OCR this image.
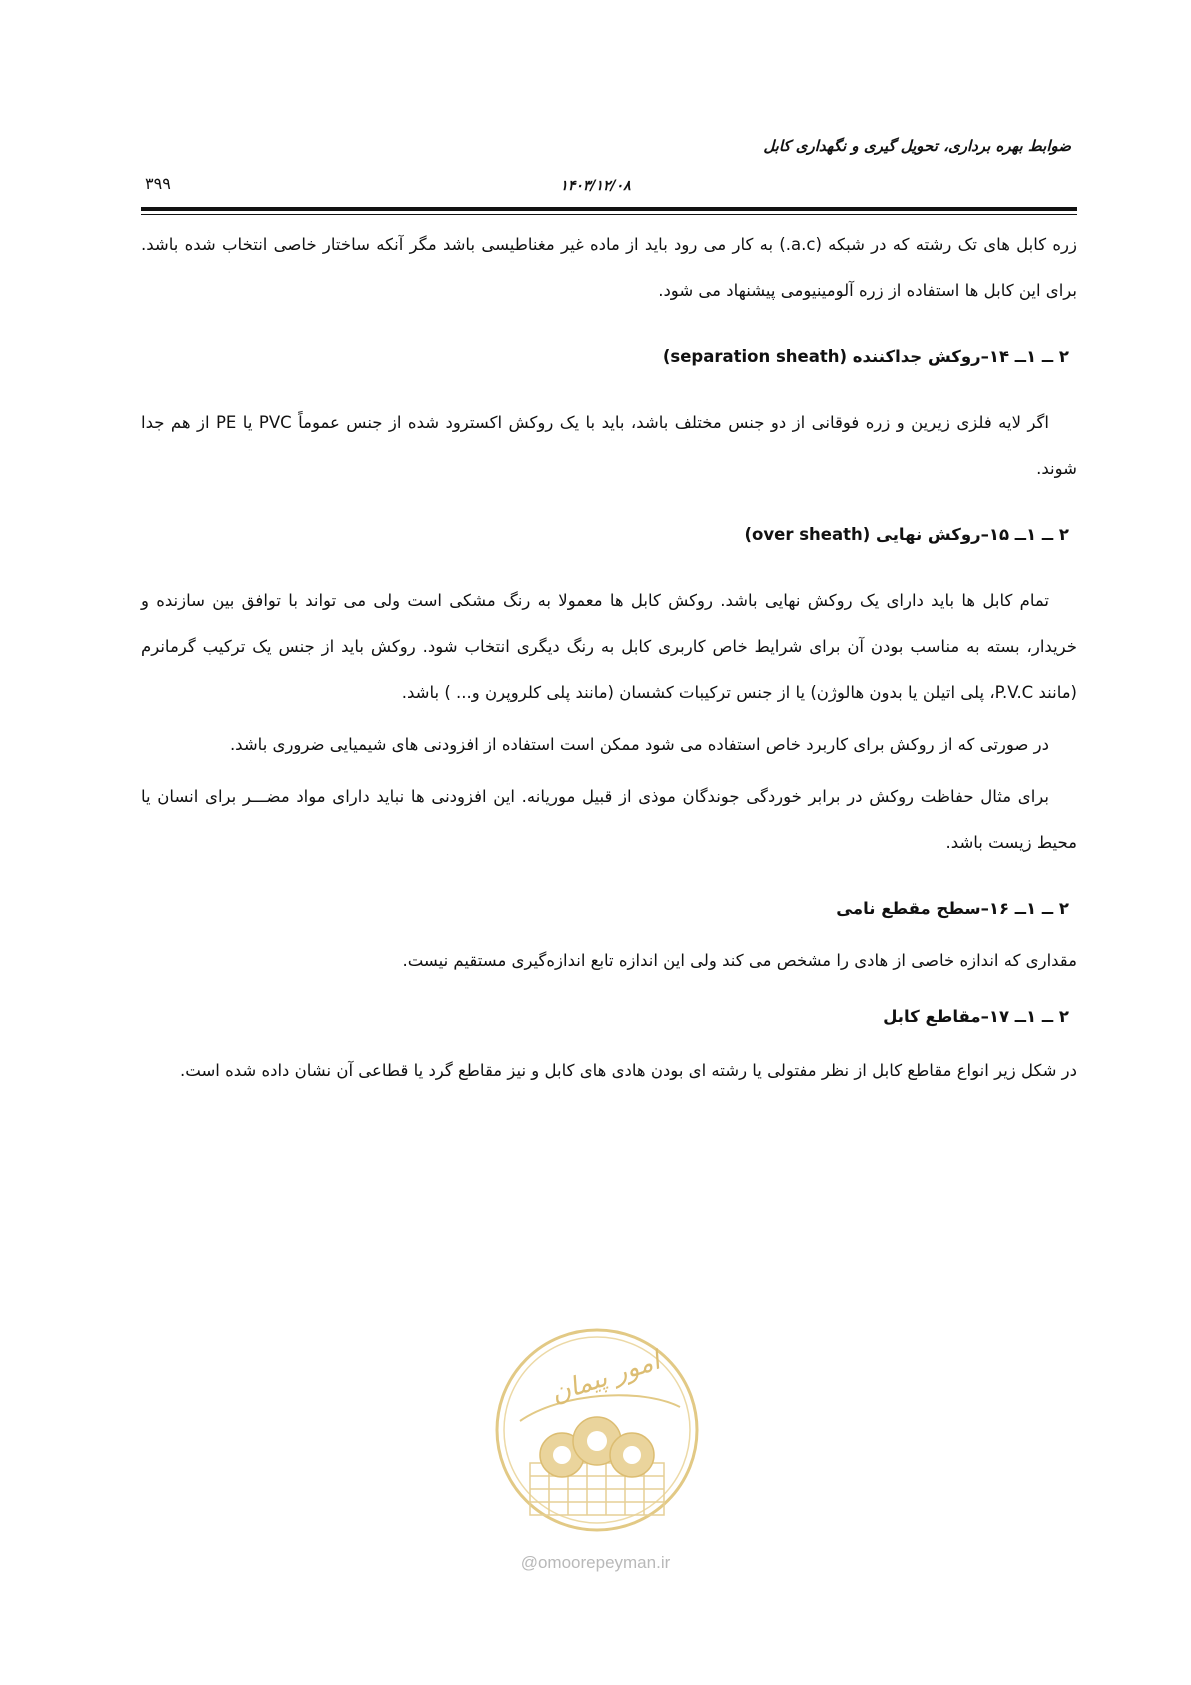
ضوابط بهره برداری، تحویل گیری و نگهداری کابل
۳۹۹	۱۴۰۳/۱۲/۰۸

زره کابل های تک رشته که در شبکه (a.c.) به کار می رود باید از ماده غیر مغناطیسی باشد مگر آنکه ساختار خاصی انتخاب شده باشد. برای این کابل ها استفاده از زره آلومینیومی پیشنهاد می شود.

۲ ــ ۱ــ ۱۴–روکش جداکننده (separation sheath)

اگر لایه فلزی زیرین و زره فوقانی از دو جنس مختلف باشد، باید با یک روکش اکسترود شده از جنس عموماً PVC یا PE از هم جدا شوند.

۲ ــ ۱ــ ۱۵–روکش نهایی (over sheath)

تمام کابل ها باید دارای یک روکش نهایی باشد. روکش کابل ها معمولا به رنگ مشکی است ولی می تواند با توافق بین سازنده و خریدار، بسته به مناسب بودن آن برای شرایط خاص کاربری کابل به رنگ دیگری انتخاب شود. روکش باید از جنس یک ترکیب گرمانرم (مانند P.V.C، پلی اتیلن یا بدون هالوژن) یا از جنس ترکیبات کشسان (مانند پلی کلروپرن و... ) باشد.

در صورتی که از روکش برای کاربرد خاص استفاده می شود ممکن است استفاده از افزودنی های شیمیایی ضروری باشد.

برای مثال حفاظت روکش در برابر خوردگی جوندگان موذی از قبیل موریانه. این افزودنی ها نباید دارای مواد مضـــر برای انسان یا محیط زیست باشد.

۲ ــ ۱ــ ۱۶–سطح مقطع نامی

مقداری که اندازه خاصی از هادی را مشخص می کند ولی این اندازه تابع اندازه‌گیری مستقیم نیست.

۲ ــ ۱ــ ۱۷–مقاطع کابل

در شکل زیر انواع مقاطع کابل از نظر مفتولی یا رشته ای بودن هادی های کابل و نیز مقاطع گرد یا قطاعی آن نشان داده شده است.

امور پیمان
@omoorepeyman.ir
